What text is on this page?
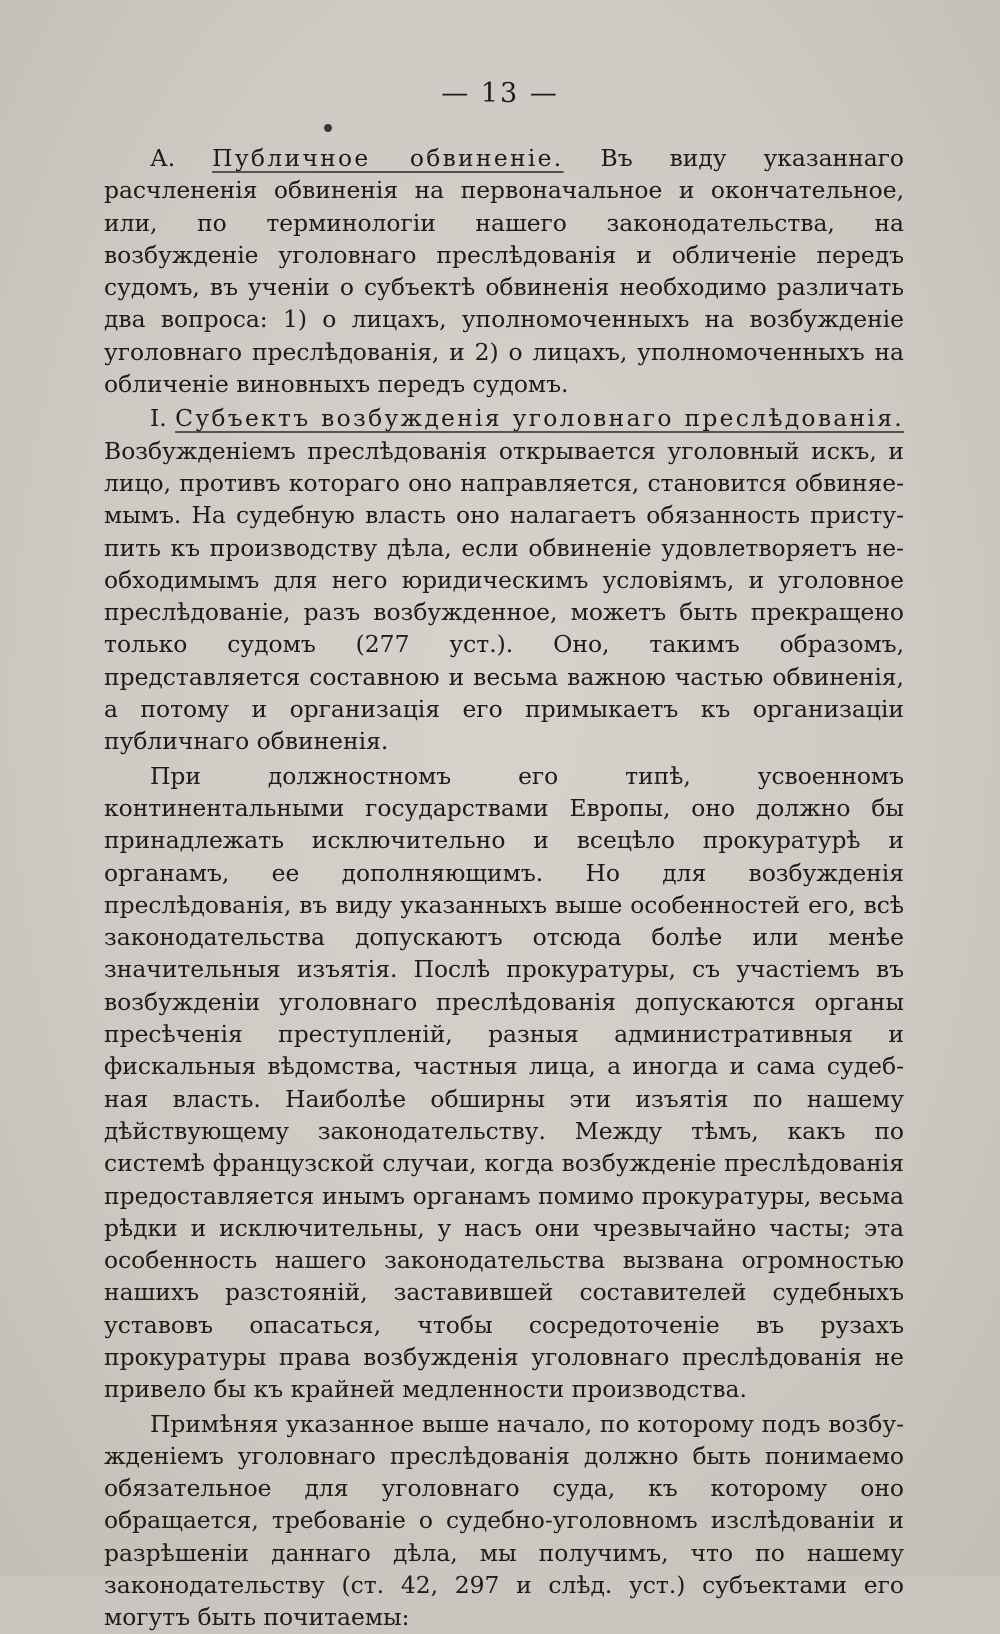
— 13 —

А. Публичное обвиненіе. Въ виду указаннаго расчлененія обвиненія на первоначальное и окончательное, или, по терминологіи нашего законодательства, на возбужденіе уголовнаго преслѣдованія и обличеніе передъ судомъ, въ ученіи о субъектѣ обвиненія необходимо различать два вопроса: 1) о лицахъ, уполномоченныхъ на возбужденіе уголовнаго преслѣдованія, и 2) о лицахъ, уполномоченныхъ на обличеніе виновныхъ передъ судомъ.

I. Субъектъ возбужденія уголовнаго преслѣдованія. Возбужденіемъ преслѣдованія открывается уголовный искъ, и лицо, противъ котораго оно направляется, становится обвиняемымъ. На судебную власть оно налагаетъ обязанность приступить къ производству дѣла, если обвиненіе удовлетворяетъ необходимымъ для него юридическимъ условіямъ, и уголовное преслѣдованіе, разъ возбужденное, можетъ быть прекращено только судомъ (277 уст.). Оно, такимъ образомъ, представляется составною и весьма важною частью обвиненія, а потому и организація его примыкаетъ къ организаціи публичнаго обвиненія.

При должностномъ его типѣ, усвоенномъ континентальными государствами Европы, оно должно бы принадлежать исключительно и всецѣло прокуратурѣ и органамъ, ее дополняющимъ. Но для возбужденія преслѣдованія, въ виду указанныхъ выше особенностей его, всѣ законодательства допускаютъ отсюда болѣе или менѣе значительныя изъятія. Послѣ прокуратуры, съ участіемъ въ возбужденіи уголовнаго преслѣдованія допускаются органы пресѣченія преступленій, разныя административныя и фискальныя вѣдомства, частныя лица, а иногда и сама судебная власть. Наиболѣе обширны эти изъятія по нашему дѣйствующему законодательству. Между тѣмъ, какъ по системѣ французской случаи, когда возбужденіе преслѣдованія предоставляется инымъ органамъ помимо прокуратуры, весьма рѣдки и исключительны, у насъ они чрезвычайно часты; эта особенность нашего законодательства вызвана огромностью нашихъ разстояній, заставившей составителей судебныхъ уставовъ опасаться, чтобы сосредоточеніе въ рузахъ прокуратуры права возбужденія уголовнаго преслѣдованія не привело бы къ крайней медленности производства.

Примѣняя указанное выше начало, по которому подъ возбужденіемъ уголовнаго преслѣдованія должно быть понимаемо обязательное для уголовнаго суда, къ которому оно обращается, требованіе о судебно-уголовномъ изслѣдованіи и разрѣшеніи даннаго дѣла, мы получимъ, что по нашему законодательству (ст. 42, 297 и слѣд. уст.) субъектами его могутъ быть почитаемы:
